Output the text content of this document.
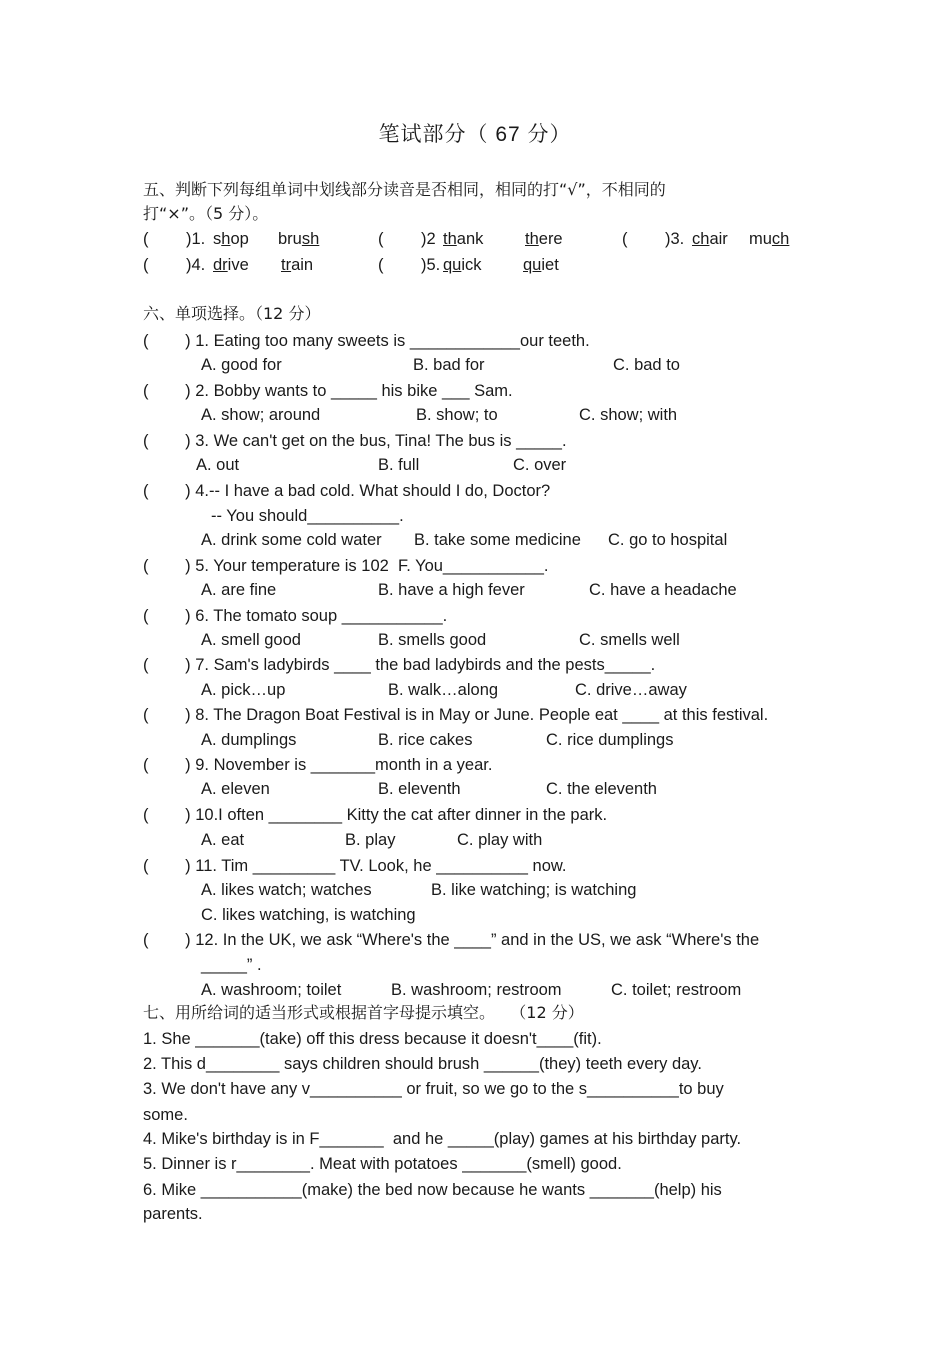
笔试部分（ 67 分）
五、判断下列每组单词中划线部分读音是否相同，相同的打“√”，不相同的
打“×”。（5 分）。
( )1. shop brush	( )2 thank	there	( )3. chair much
( )4. drive train	( )5. quick	quiet
六、单项选择。（12 分）
(        ) 1. Eating too many sweets is ____________our teeth.
A. good for	B. bad for	C. bad to
(        ) 2. Bobby wants to _____ his bike ___ Sam.
A. show; around	B. show; to	C. show; with
(        ) 3. We can't get on the bus, Tina! The bus is _____.
A. out	B. full	C. over
(        ) 4.-- I have a bad cold. What should I do, Doctor?
-- You should__________.
A. drink some cold water B. take some medicine C. go to hospital
(        ) 5. Your temperature is 102  F. You___________.
A. are fine	B. have a high fever	C. have a headache
(        ) 6. The tomato soup ___________.
A. smell good	B. smells good	C. smells well
(        ) 7. Sam's ladybirds ____ the bad ladybirds and the pests_____.
A. pick…up	B. walk…along	C. drive…away
(        ) 8. The Dragon Boat Festival is in May or June. People eat ____ at this festival.
A. dumplings	B. rice cakes	C. rice dumplings
(        ) 9. November is _______month in a year.
A. eleven	B. eleventh	C. the eleventh
(        ) 10.I often ________ Kitty the cat after dinner in the park.
A. eat	B. play	C. play with
(        ) 11. Tim _________ TV. Look, he __________ now.
A. likes watch; watches	B. like watching; is watching
C. likes watching, is watching
(        ) 12. In the UK, we ask “Where's the ____” and in the US, we ask “Where's the
_____” .
A. washroom; toilet	B. washroom; restroom	C. toilet; restroom
七、用所给词的适当形式或根据首字母提示填空。   （12 分）
1. She _______(take) off this dress because it doesn't____(fit).
2. This d________ says children should brush ______(they) teeth every day.
3. We don't have any v__________ or fruit, so we go to the s__________to buy
some.
4. Mike's birthday is in F_______  and he _____(play) games at his birthday party.
5. Dinner is r________. Meat with potatoes _______(smell) good.
6. Mike ___________(make) the bed now because he wants _______(help) his
parents.
